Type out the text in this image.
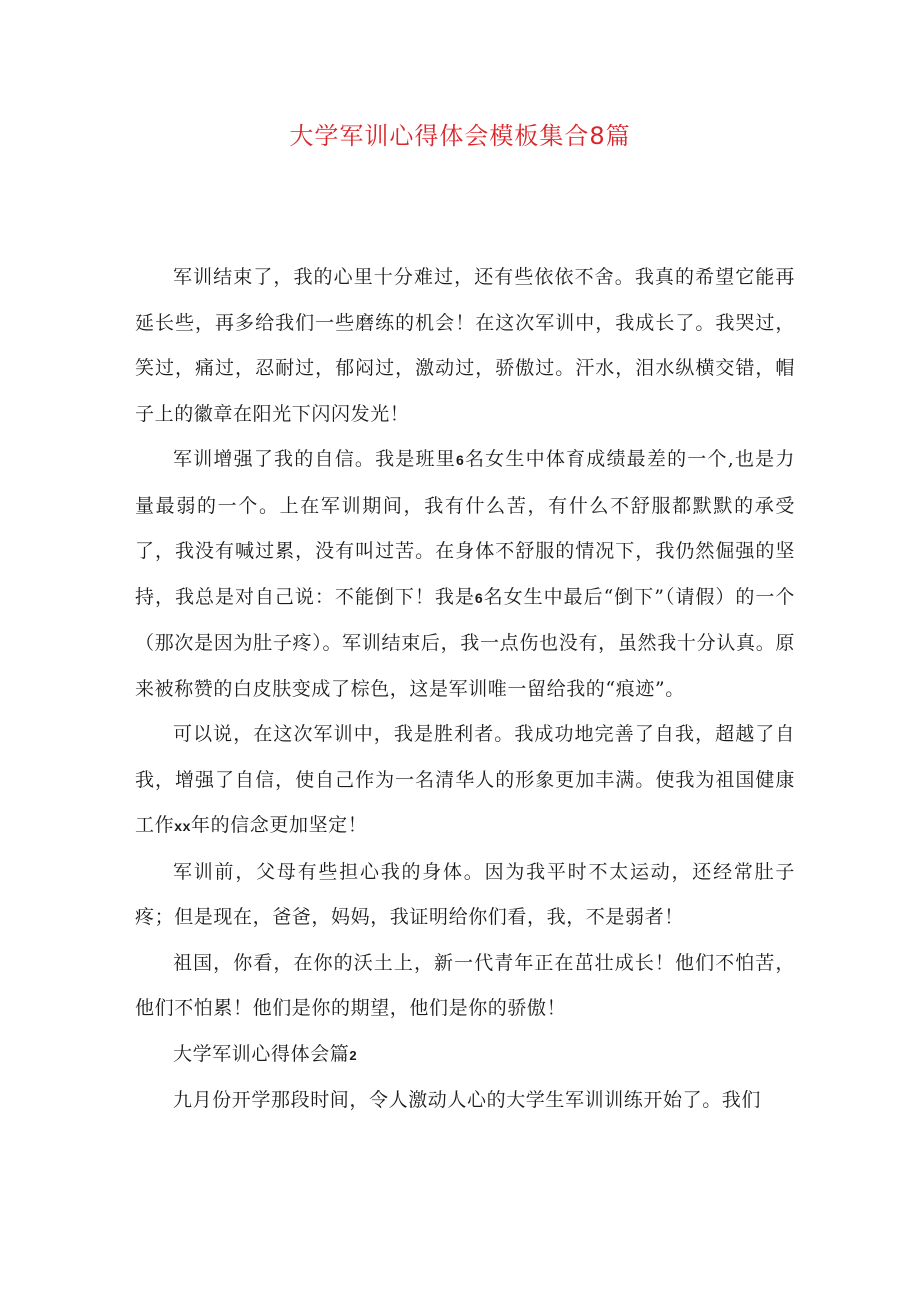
大学军训心得体会模板集合8篇

军训结束了，我的心里十分难过，还有些依依不舍。我真的希望它能再延长些，再多给我们一些磨练的机会！在这次军训中，我成长了。我哭过，笑过，痛过，忍耐过，郁闷过，激动过，骄傲过。汗水，泪水纵横交错，帽子上的徽章在阳光下闪闪发光！

军训增强了我的自信。我是班里6名女生中体育成绩最差的一个,也是力量最弱的一个。上在军训期间，我有什么苦，有什么不舒服都默默的承受了，我没有喊过累，没有叫过苦。在身体不舒服的情况下，我仍然倔强的坚持，我总是对自己说：不能倒下！我是6名女生中最后“倒下”（请假）的一个（那次是因为肚子疼）。军训结束后，我一点伤也没有，虽然我十分认真。原来被称赞的白皮肤变成了棕色，这是军训唯一留给我的“痕迹”。

可以说，在这次军训中，我是胜利者。我成功地完善了自我，超越了自我，增强了自信，使自己作为一名清华人的形象更加丰满。使我为祖国健康工作xx年的信念更加坚定！

军训前，父母有些担心我的身体。因为我平时不太运动，还经常肚子疼；但是现在，爸爸，妈妈，我证明给你们看，我，不是弱者！

祖国，你看，在你的沃土上，新一代青年正在茁壮成长！他们不怕苦，他们不怕累！他们是你的期望，他们是你的骄傲！

大学军训心得体会篇2

九月份开学那段时间，令人激动人心的大学生军训训练开始了。我们
